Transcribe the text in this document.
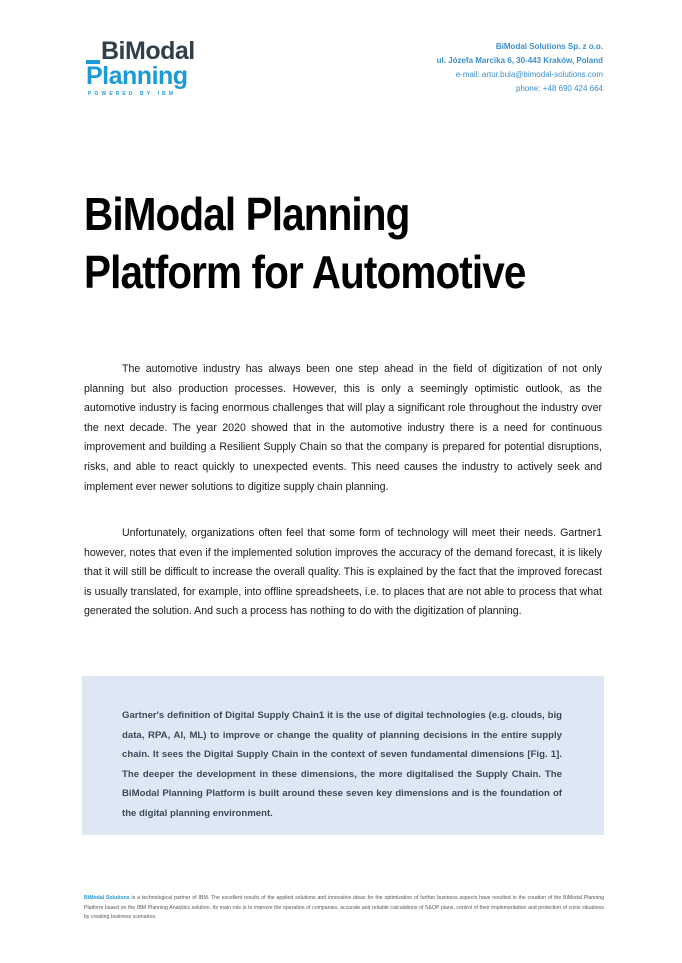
BiModal
Planning
POWERED BY IBM
BiModal Solutions Sp. z o.o.
ul. Józefa Marcika 6, 30-443 Kraków, Poland
e-mail: artur.bula@bimodal-solutions.com
phone: +48 690 424 664
BiModal Planning
Platform for Automotive

The automotive industry has always been one step ahead in the field of digitization of not only planning but also production processes. However, this is only a seemingly optimistic outlook, as the automotive industry is facing enormous challenges that will play a significant role throughout the industry over the next decade. The year 2020 showed that in the automotive industry there is a need for continuous improvement and building a Resilient Supply Chain so that the company is prepared for potential disruptions, risks, and able to react quickly to unexpected events. This need causes the industry to actively seek and implement ever newer solutions to digitize supply chain planning.

Unfortunately, organizations often feel that some form of technology will meet their needs. Gartner1 however, notes that even if the implemented solution improves the accuracy of the demand forecast, it is likely that it will still be difficult to increase the overall quality. This is explained by the fact that the improved forecast is usually translated, for example, into offline spreadsheets, i.e. to places that are not able to process that what generated the solution. And such a process has nothing to do with the digitization of planning.

Gartner's definition of Digital Supply Chain1 it is the use of digital technologies (e.g. clouds, big data, RPA, AI, ML) to improve or change the quality of planning decisions in the entire supply chain. It sees the Digital Supply Chain in the context of seven fundamental dimensions [Fig. 1]. The deeper the development in these dimensions, the more digitalised the Supply Chain. The BiModal Planning Platform is built around these seven key dimensions and is the foundation of the digital planning environment.

BiModal Solutions is a technological partner of IBM. The excellent results of the applied solutions and innovative ideas for the optimization of further business aspects have resulted in the creation of the BiModal Planning Platform based on the IBM Planning Analytics solution. Its main role is to improve the operation of companies, accurate and reliable calculations of S&OP plans, control of their implementation and protection of crisis situations by creating business scenarios.
